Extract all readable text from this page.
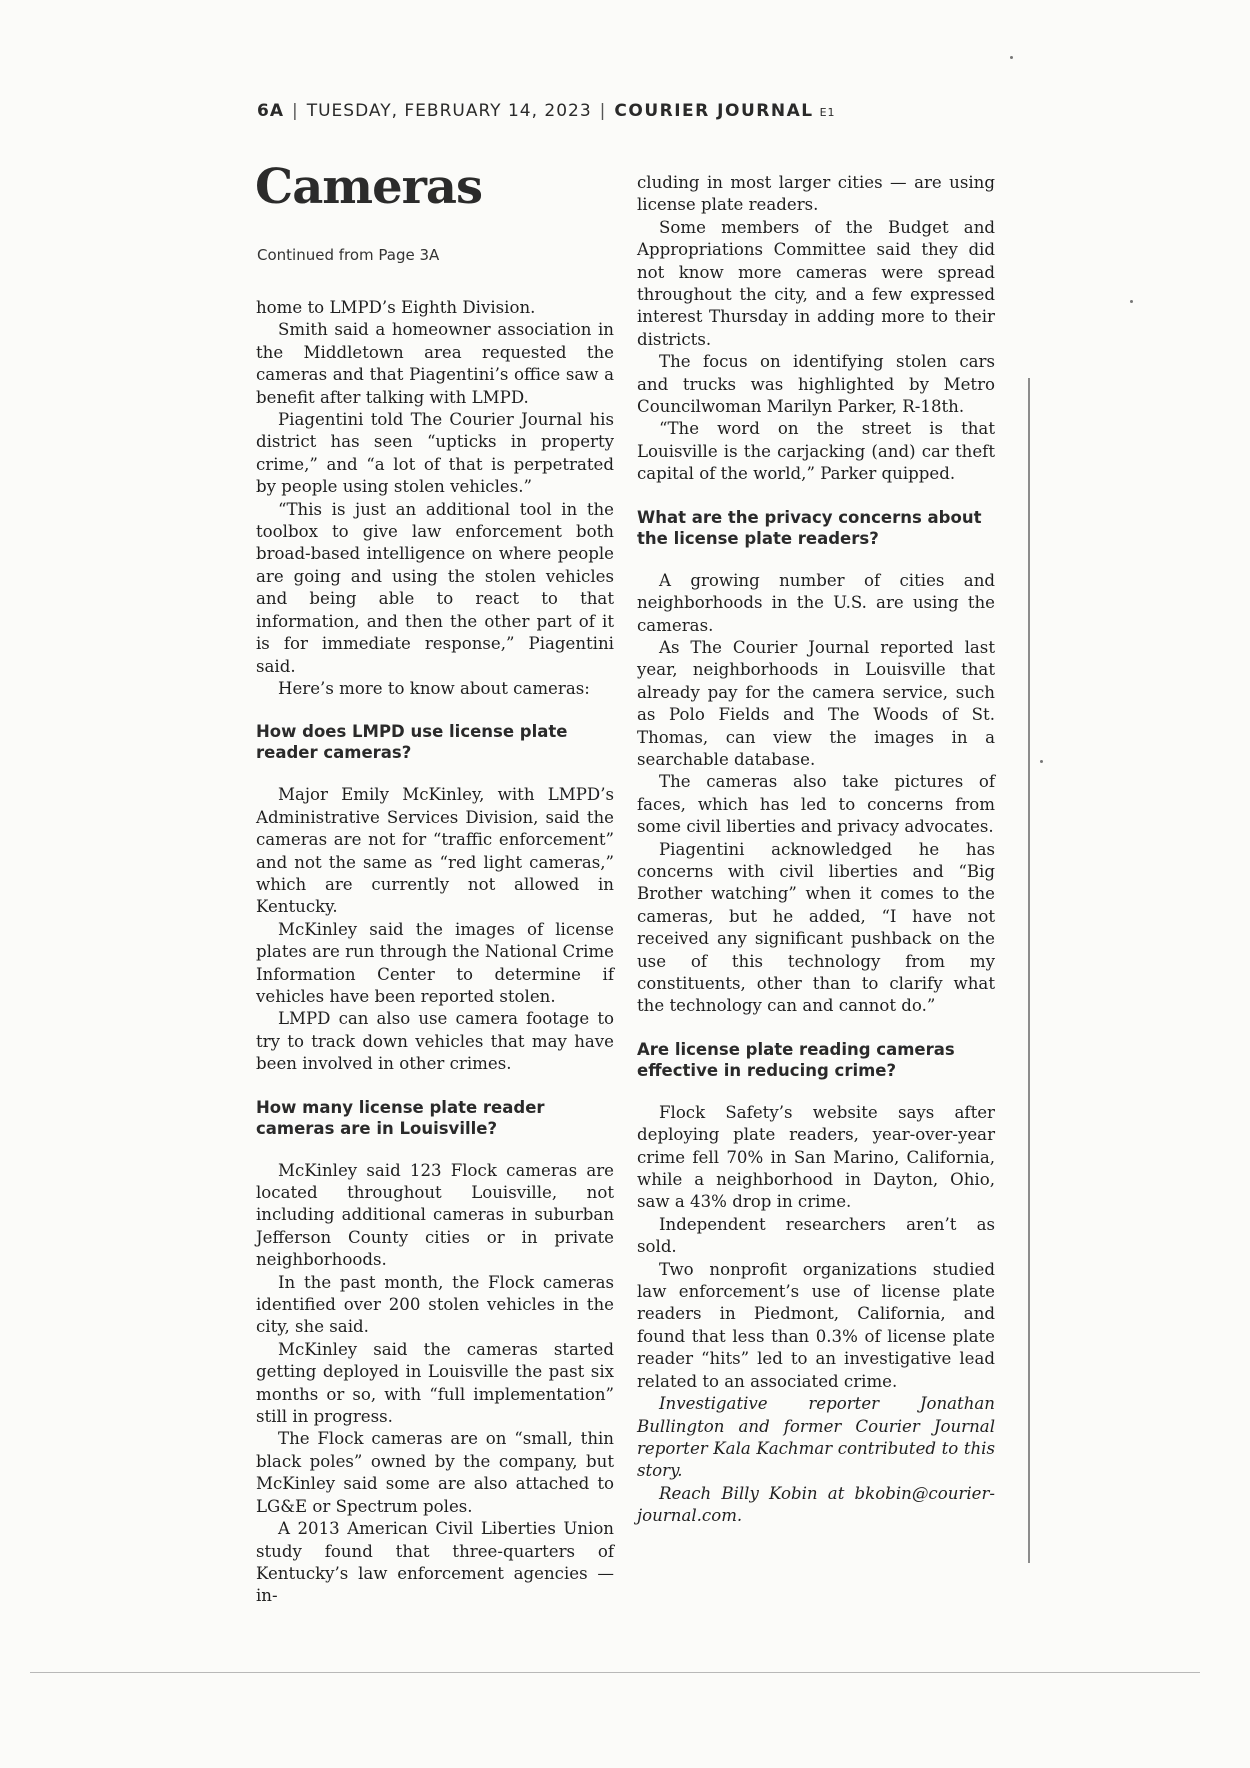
6A | TUESDAY, FEBRUARY 14, 2023 | COURIER JOURNAL E1
Cameras
Continued from Page 3A

home to LMPD’s Eighth Division.

Smith said a homeowner association in the Middletown area requested the cameras and that Piagentini’s office saw a benefit after talking with LMPD.

Piagentini told The Courier Journal his district has seen “upticks in property crime,” and “a lot of that is perpetrated by people using stolen vehicles.”

“This is just an additional tool in the toolbox to give law enforcement both broad-based intelligence on where people are going and using the stolen vehicles and being able to react to that information, and then the other part of it is for immediate response,” Piagentini said.

Here’s more to know about cameras:

How does LMPD use license plate reader cameras?

Major Emily McKinley, with LMPD’s Administrative Services Division, said the cameras are not for “traffic enforcement” and not the same as “red light cameras,” which are currently not allowed in Kentucky.

McKinley said the images of license plates are run through the National Crime Information Center to determine if vehicles have been reported stolen.

LMPD can also use camera footage to try to track down vehicles that may have been involved in other crimes.

How many license plate reader cameras are in Louisville?

McKinley said 123 Flock cameras are located throughout Louisville, not including additional cameras in suburban Jefferson County cities or in private neighborhoods.

In the past month, the Flock cameras identified over 200 stolen vehicles in the city, she said.

McKinley said the cameras started getting deployed in Louisville the past six months or so, with “full implementation” still in progress.

The Flock cameras are on “small, thin black poles” owned by the company, but McKinley said some are also attached to LG&E or Spectrum poles.

A 2013 American Civil Liberties Union study found that three-quarters of Kentucky’s law enforcement agencies — in-

cluding in most larger cities — are using license plate readers.

Some members of the Budget and Appropriations Committee said they did not know more cameras were spread throughout the city, and a few expressed interest Thursday in adding more to their districts.

The focus on identifying stolen cars and trucks was highlighted by Metro Councilwoman Marilyn Parker, R-18th.

“The word on the street is that Louisville is the carjacking (and) car theft capital of the world,” Parker quipped.

What are the privacy concerns about the license plate readers?

A growing number of cities and neighborhoods in the U.S. are using the cameras.

As The Courier Journal reported last year, neighborhoods in Louisville that already pay for the camera service, such as Polo Fields and The Woods of St. Thomas, can view the images in a searchable database.

The cameras also take pictures of faces, which has led to concerns from some civil liberties and privacy advocates.

Piagentini acknowledged he has concerns with civil liberties and “Big Brother watching” when it comes to the cameras, but he added, “I have not received any significant pushback on the use of this technology from my constituents, other than to clarify what the technology can and cannot do.”

Are license plate reading cameras effective in reducing crime?

Flock Safety’s website says after deploying plate readers, year-over-year crime fell 70% in San Marino, California, while a neighborhood in Dayton, Ohio, saw a 43% drop in crime.

Independent researchers aren’t as sold.

Two nonprofit organizations studied law enforcement’s use of license plate readers in Piedmont, California, and found that less than 0.3% of license plate reader “hits” led to an investigative lead related to an associated crime.

Investigative reporter Jonathan Bullington and former Courier Journal reporter Kala Kachmar contributed to this story.

Reach Billy Kobin at bkobin@courier-journal.com.
